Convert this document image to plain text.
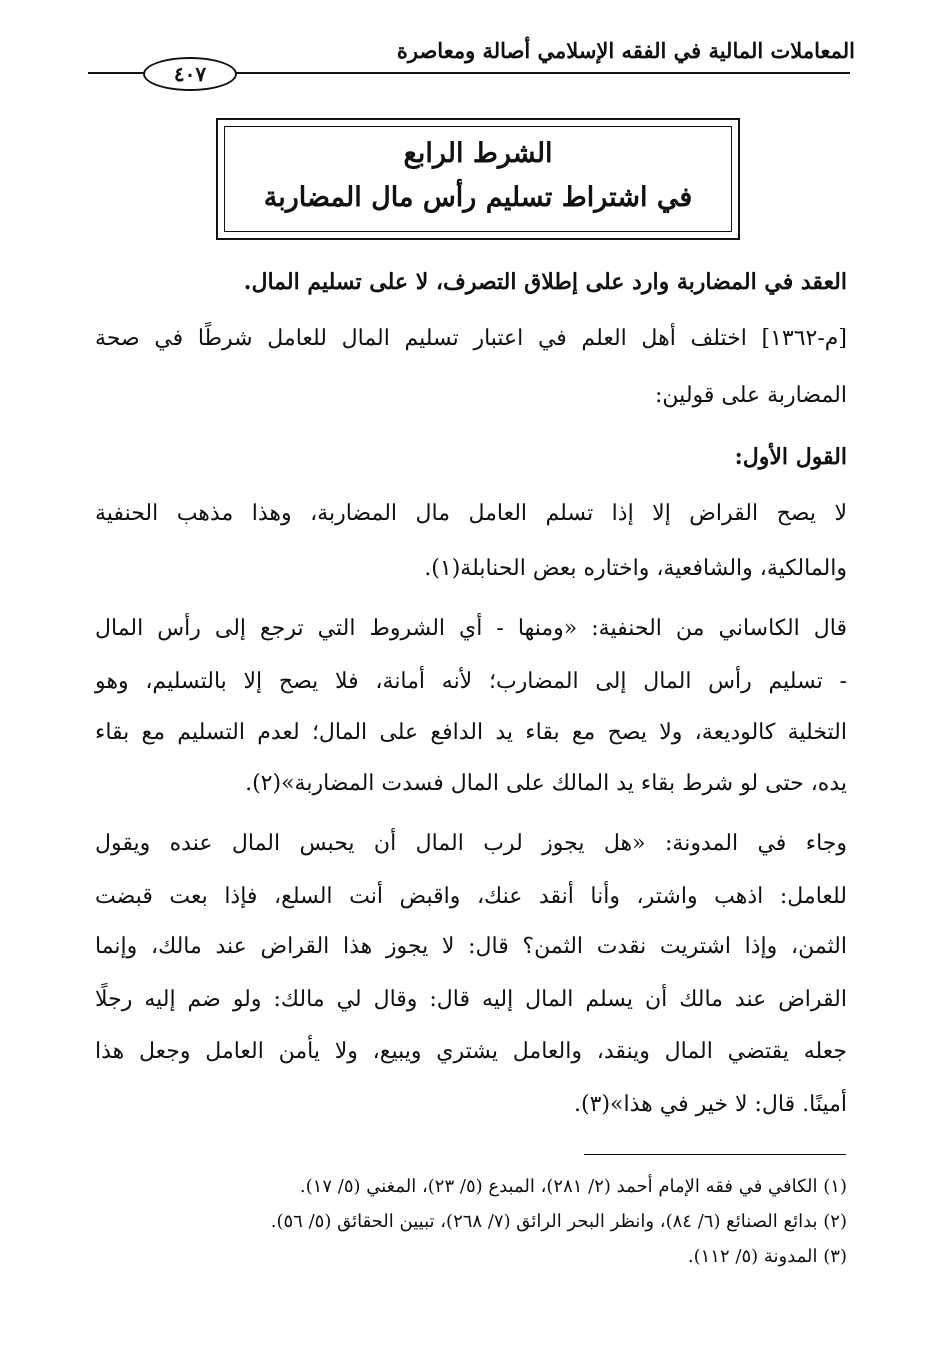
المعاملات المالية في الفقه الإسلامي أصالة ومعاصرة
٤٠٧
الشرط الرابع
في اشتراط تسليم رأس مال المضاربة
العقد في المضاربة وارد على إطلاق التصرف، لا على تسليم المال.
[م-١٣٦٢] اختلف أهل العلم في اعتبار تسليم المال للعامل شرطًا في صحة
المضاربة على قولين:
القول الأول:
لا يصح القراض إلا إذا تسلم العامل مال المضاربة، وهذا مذهب الحنفية
والمالكية، والشافعية، واختاره بعض الحنابلة(١).
قال الكاساني من الحنفية: «ومنها - أي الشروط التي ترجع إلى رأس المال
- تسليم رأس المال إلى المضارب؛ لأنه أمانة، فلا يصح إلا بالتسليم، وهو
التخلية كالوديعة، ولا يصح مع بقاء يد الدافع على المال؛ لعدم التسليم مع بقاء
يده، حتى لو شرط بقاء يد المالك على المال فسدت المضاربة»(٢).
وجاء في المدونة: «هل يجوز لرب المال أن يحبس المال عنده ويقول
للعامل: اذهب واشتر، وأنا أنقد عنك، واقبض أنت السلع، فإذا بعت قبضت
الثمن، وإذا اشتريت نقدت الثمن؟ قال: لا يجوز هذا القراض عند مالك، وإنما
القراض عند مالك أن يسلم المال إليه قال: وقال لي مالك: ولو ضم إليه رجلًا
جعله يقتضي المال وينقد، والعامل يشتري ويبيع، ولا يأمن العامل وجعل هذا
أمينًا. قال: لا خير في هذا»(٣).
(١) الكافي في فقه الإمام أحمد (٢/ ٢٨١)، المبدع (٥/ ٢٣)، المغني (٥/ ١٧).
(٢) بدائع الصنائع (٦/ ٨٤)، وانظر البحر الرائق (٧/ ٢٦٨)، تبيين الحقائق (٥/ ٥٦).
(٣) المدونة (٥/ ١١٢).
